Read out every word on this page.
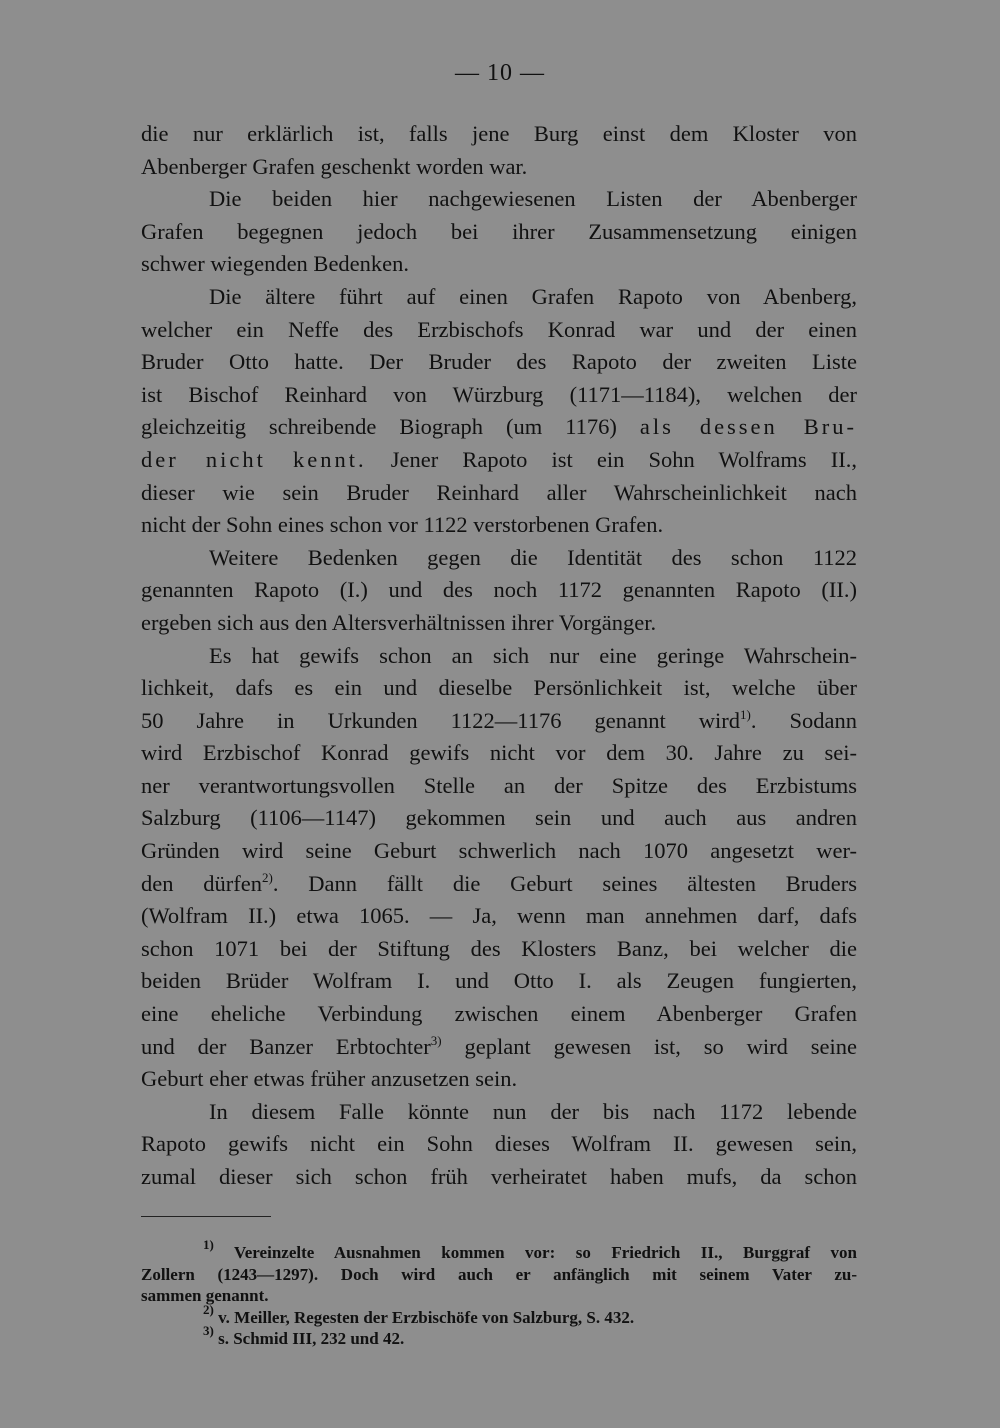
— 10 —
die nur erklärlich ist, falls jene Burg einst dem Kloster von
Abenberger Grafen geschenkt worden war.
Die beiden hier nachgewiesenen Listen der Abenberger
Grafen begegnen jedoch bei ihrer Zusammensetzung einigen
schwer wiegenden Bedenken.
Die ältere führt auf einen Grafen Rapoto von Abenberg,
welcher ein Neffe des Erzbischofs Konrad war und der einen
Bruder Otto hatte. Der Bruder des Rapoto der zweiten Liste
ist Bischof Reinhard von Würzburg (1171—1184), welchen der
gleichzeitig schreibende Biograph (um 1176) als dessen Bru-
der nicht kennt. Jener Rapoto ist ein Sohn Wolframs II.,
dieser wie sein Bruder Reinhard aller Wahrscheinlichkeit nach
nicht der Sohn eines schon vor 1122 verstorbenen Grafen.
Weitere Bedenken gegen die Identität des schon 1122
genannten Rapoto (I.) und des noch 1172 genannten Rapoto (II.)
ergeben sich aus den Altersverhältnissen ihrer Vorgänger.
Es hat gewifs schon an sich nur eine geringe Wahrschein-
lichkeit, dafs es ein und dieselbe Persönlichkeit ist, welche über
50 Jahre in Urkunden 1122—1176 genannt wird$^{1)}$. Sodann
wird Erzbischof Konrad gewifs nicht vor dem 30. Jahre zu sei-
ner verantwortungsvollen Stelle an der Spitze des Erzbistums
Salzburg (1106—1147) gekommen sein und auch aus andren
Gründen wird seine Geburt schwerlich nach 1070 angesetzt wer-
den dürfen$^{2)}$. Dann fällt die Geburt seines ältesten Bruders
(Wolfram II.) etwa 1065. — Ja, wenn man annehmen darf, dafs
schon 1071 bei der Stiftung des Klosters Banz, bei welcher die
beiden Brüder Wolfram I. und Otto I. als Zeugen fungierten,
eine eheliche Verbindung zwischen einem Abenberger Grafen
und der Banzer Erbtochter$^{3)}$ geplant gewesen ist, so wird seine
Geburt eher etwas früher anzusetzen sein.
In diesem Falle könnte nun der bis nach 1172 lebende
Rapoto gewifs nicht ein Sohn dieses Wolfram II. gewesen sein,
zumal dieser sich schon früh verheiratet haben mufs, da schon
$^{1)}$ Vereinzelte Ausnahmen kommen vor: so Friedrich II., Burggraf von
Zollern (1243—1297). Doch wird auch er anfänglich mit seinem Vater zu-
sammen genannt.
$^{2)}$ v. Meiller, Regesten der Erzbischöfe von Salzburg, S. 432.
$^{3)}$ s. Schmid III, 232 und 42.
